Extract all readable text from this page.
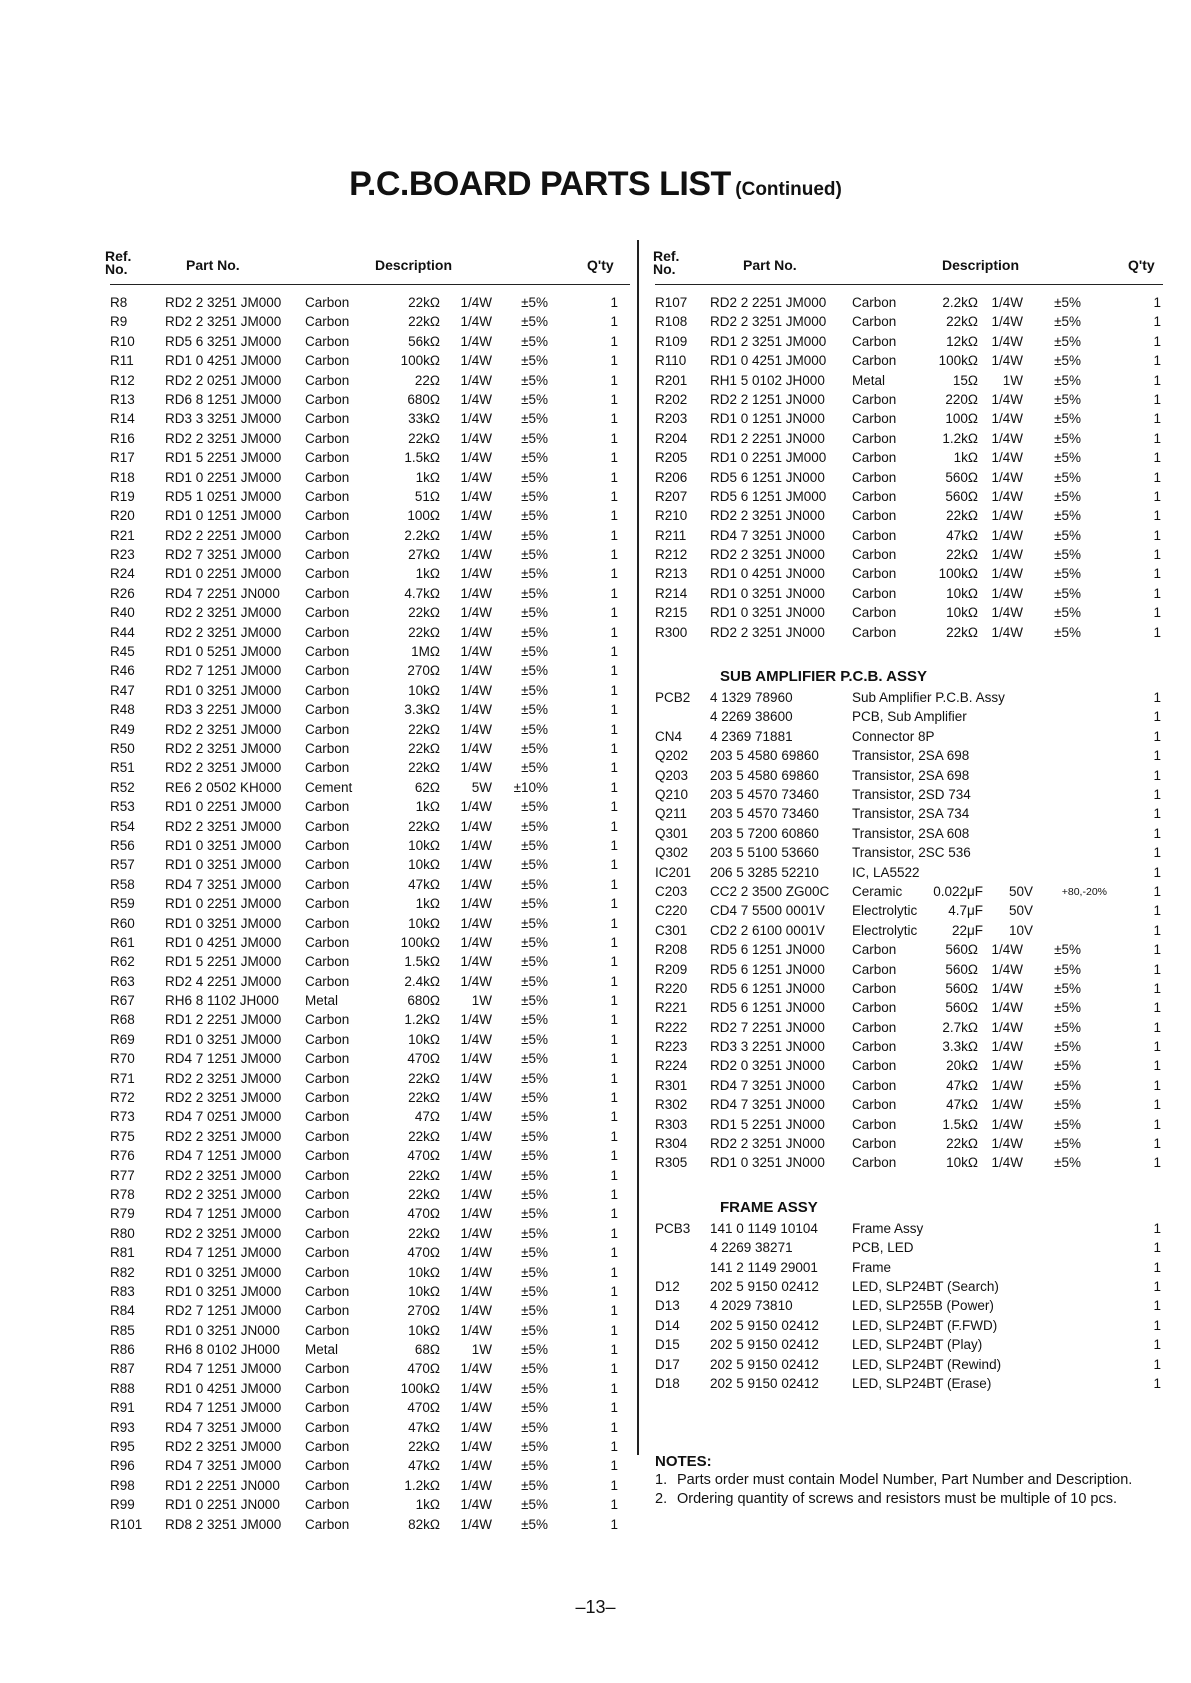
P.C.BOARD PARTS LIST (Continued)
Ref.
No.	Part No.	Description	Q'ty
R8	RD2 2 3251 JM000 Carbon	22kΩ 1/4W ±5%	1
R9	RD2 2 3251 JM000 Carbon	22kΩ 1/4W ±5%	1
R10 RD5 6 3251 JM000 Carbon	56kΩ 1/4W ±5%	1
R11 RD1 0 4251 JM000 Carbon	100kΩ 1/4W ±5%	1
R12 RD2 2 0251 JM000 Carbon	22Ω 1/4W ±5%	1
R13 RD6 8 1251 JM000 Carbon	680Ω 1/4W ±5%	1
R14 RD3 3 3251 JM000 Carbon	33kΩ 1/4W ±5%	1
R16 RD2 2 3251 JM000 Carbon	22kΩ 1/4W ±5%	1
R17 RD1 5 2251 JM000 Carbon	1.5kΩ 1/4W ±5%	1
R18 RD1 0 2251 JM000 Carbon	1kΩ 1/4W ±5%	1
R19 RD5 1 0251 JM000 Carbon	51Ω 1/4W ±5%	1
R20 RD1 0 1251 JM000 Carbon	100Ω 1/4W ±5%	1
R21 RD2 2 2251 JM000 Carbon	2.2kΩ 1/4W ±5%	1
R23 RD2 7 3251 JM000 Carbon	27kΩ 1/4W ±5%	1
R24 RD1 0 2251 JM000 Carbon	1kΩ 1/4W ±5%	1
R26 RD4 7 2251 JN000 Carbon	4.7kΩ 1/4W ±5%	1
R40 RD2 2 3251 JM000 Carbon	22kΩ 1/4W ±5%	1
R44 RD2 2 3251 JM000 Carbon	22kΩ 1/4W ±5%	1
R45 RD1 0 5251 JM000 Carbon	1MΩ 1/4W ±5%	1
R46 RD2 7 1251 JM000 Carbon	270Ω 1/4W ±5%	1
R47 RD1 0 3251 JM000 Carbon	10kΩ 1/4W ±5%	1
R48 RD3 3 2251 JM000 Carbon	3.3kΩ 1/4W ±5%	1
R49 RD2 2 3251 JM000 Carbon	22kΩ 1/4W ±5%	1
R50 RD2 2 3251 JM000 Carbon	22kΩ 1/4W ±5%	1
R51 RD2 2 3251 JM000 Carbon	22kΩ 1/4W ±5%	1
R52 RE6 2 0502 KH000 Cement	62Ω 5W ±10%	1
R53 RD1 0 2251 JM000 Carbon	1kΩ 1/4W ±5%	1
R54 RD2 2 3251 JM000 Carbon	22kΩ 1/4W ±5%	1
R56 RD1 0 3251 JM000 Carbon	10kΩ 1/4W ±5%	1
R57 RD1 0 3251 JM000 Carbon	10kΩ 1/4W ±5%	1
R58 RD4 7 3251 JM000 Carbon	47kΩ 1/4W ±5%	1
R59 RD1 0 2251 JM000 Carbon	1kΩ 1/4W ±5%	1
R60 RD1 0 3251 JM000 Carbon	10kΩ 1/4W ±5%	1
R61 RD1 0 4251 JM000 Carbon	100kΩ 1/4W ±5%	1
R62 RD1 5 2251 JM000 Carbon	1.5kΩ 1/4W ±5%	1
R63 RD2 4 2251 JM000 Carbon	2.4kΩ 1/4W ±5%	1
R67 RH6 8 1102 JH000 Metal	680Ω 1W ±5%	1
R68 RD1 2 2251 JM000 Carbon	1.2kΩ 1/4W ±5%	1
R69 RD1 0 3251 JM000 Carbon	10kΩ 1/4W ±5%	1
R70 RD4 7 1251 JM000 Carbon	470Ω 1/4W ±5%	1
R71 RD2 2 3251 JM000 Carbon	22kΩ 1/4W ±5%	1
R72 RD2 2 3251 JM000 Carbon	22kΩ 1/4W ±5%	1
R73 RD4 7 0251 JM000 Carbon	47Ω 1/4W ±5%	1
R75 RD2 2 3251 JM000 Carbon	22kΩ 1/4W ±5%	1
R76 RD4 7 1251 JM000 Carbon	470Ω 1/4W ±5%	1
R77 RD2 2 3251 JM000 Carbon	22kΩ 1/4W ±5%	1
R78 RD2 2 3251 JM000 Carbon	22kΩ 1/4W ±5%	1
R79 RD4 7 1251 JM000 Carbon	470Ω 1/4W ±5%	1
R80 RD2 2 3251 JM000 Carbon	22kΩ 1/4W ±5%	1
R81 RD4 7 1251 JM000 Carbon	470Ω 1/4W ±5%	1
R82 RD1 0 3251 JM000 Carbon	10kΩ 1/4W ±5%	1
R83 RD1 0 3251 JM000 Carbon	10kΩ 1/4W ±5%	1
R84 RD2 7 1251 JM000 Carbon	270Ω 1/4W ±5%	1
R85 RD1 0 3251 JN000 Carbon	10kΩ 1/4W ±5%	1
R86 RH6 8 0102 JH000 Metal	68Ω 1W ±5%	1
R87 RD4 7 1251 JM000 Carbon	470Ω 1/4W ±5%	1
R88 RD1 0 4251 JM000 Carbon	100kΩ 1/4W ±5%	1
R91 RD4 7 1251 JM000 Carbon	470Ω 1/4W ±5%	1
R93 RD4 7 3251 JM000 Carbon	47kΩ 1/4W ±5%	1
R95 RD2 2 3251 JM000 Carbon	22kΩ 1/4W ±5%	1
R96 RD4 7 3251 JM000 Carbon	47kΩ 1/4W ±5%	1
R98 RD1 2 2251 JN000 Carbon	1.2kΩ 1/4W ±5%	1
R99 RD1 0 2251 JN000 Carbon	1kΩ 1/4W ±5%	1
R101 RD8 2 3251 JM000 Carbon	82kΩ 1/4W ±5%	1
Ref.
No.	Part No.	Description	Q'ty
R107 RD2 2 2251 JM000 Carbon	2.2kΩ 1/4W ±5%	1
R108 RD2 2 3251 JM000 Carbon	22kΩ 1/4W ±5%	1
R109 RD1 2 3251 JM000 Carbon	12kΩ 1/4W ±5%	1
R110 RD1 0 4251 JM000 Carbon	100kΩ 1/4W ±5%	1
R201 RH1 5 0102 JH000 Metal	15Ω 1W ±5%	1
R202 RD2 2 1251 JN000 Carbon	220Ω 1/4W ±5%	1
R203 RD1 0 1251 JN000 Carbon	100Ω 1/4W ±5%	1
R204 RD1 2 2251 JN000 Carbon	1.2kΩ 1/4W ±5%	1
R205 RD1 0 2251 JM000 Carbon	1kΩ 1/4W ±5%	1
R206 RD5 6 1251 JN000 Carbon	560Ω 1/4W ±5%	1
R207 RD5 6 1251 JM000 Carbon	560Ω 1/4W ±5%	1
R210 RD2 2 3251 JN000 Carbon	22kΩ 1/4W ±5%	1
R211 RD4 7 3251 JN000 Carbon	47kΩ 1/4W ±5%	1
R212 RD2 2 3251 JN000 Carbon	22kΩ 1/4W ±5%	1
R213 RD1 0 4251 JN000 Carbon	100kΩ 1/4W ±5%	1
R214 RD1 0 3251 JN000 Carbon	10kΩ 1/4W ±5%	1
R215 RD1 0 3251 JN000 Carbon	10kΩ 1/4W ±5%	1
R300 RD2 2 3251 JN000 Carbon	22kΩ 1/4W ±5%	1
SUB AMPLIFIER P.C.B. ASSY
PCB2 4 1329 78960	Sub Amplifier P.C.B. Assy	1
4 2269 38600	PCB, Sub Amplifier	1
CN4 4 2369 71881	Connector 8P	1
Q202 203 5 4580 69860 Transistor, 2SA 698	1
Q203 203 5 4580 69860 Transistor, 2SA 698	1
Q210 203 5 4570 73460 Transistor, 2SD 734	1
Q211 203 5 4570 73460 Transistor, 2SA 734	1
Q301 203 5 7200 60860 Transistor, 2SA 608	1
Q302 203 5 5100 53660 Transistor, 2SC 536	1
IC201 206 5 3285 52210 IC, LA5522	1
C203 CC2 2 3500 ZG00C Ceramic 0.022μF 50V	+80,-20%	1
C220 CD4 7 5500 0001V Electrolytic 4.7μF 50V	1
C301 CD2 2 6100 0001V Electrolytic	22μF 10V	1
R208 RD5 6 1251 JN000 Carbon	560Ω 1/4W ±5%	1
R209 RD5 6 1251 JN000 Carbon	560Ω 1/4W ±5%	1
R220 RD5 6 1251 JN000 Carbon	560Ω 1/4W ±5%	1
R221 RD5 6 1251 JN000 Carbon	560Ω 1/4W ±5%	1
R222 RD2 7 2251 JN000 Carbon	2.7kΩ 1/4W ±5%	1
R223 RD3 3 2251 JN000 Carbon	3.3kΩ 1/4W ±5%	1
R224 RD2 0 3251 JN000 Carbon	20kΩ 1/4W ±5%	1
R301 RD4 7 3251 JN000 Carbon	47kΩ 1/4W ±5%	1
R302 RD4 7 3251 JN000 Carbon	47kΩ 1/4W ±5%	1
R303 RD1 5 2251 JN000 Carbon	1.5kΩ 1/4W ±5%	1
R304 RD2 2 3251 JN000 Carbon	22kΩ 1/4W ±5%	1
R305 RD1 0 3251 JN000 Carbon	10kΩ 1/4W ±5%	1
FRAME ASSY
PCB3 141 0 1149 10104	Frame Assy	1
4 2269 38271	PCB, LED	1
141 2 1149 29001	Frame	1
D12 202 5 9150 02412 LED, SLP24BT (Search)	1
D13 4 2029 73810	LED, SLP255B (Power)	1
D14 202 5 9150 02412 LED, SLP24BT (F.FWD)	1
D15 202 5 9150 02412 LED, SLP24BT (Play)	1
D17 202 5 9150 02412 LED, SLP24BT (Rewind)	1
D18 202 5 9150 02412 LED, SLP24BT (Erase)	1
NOTES:
1. Parts order must contain Model Number, Part Number and Description.
2. Ordering quantity of screws and resistors must be multiple of 10 pcs.
–13–
